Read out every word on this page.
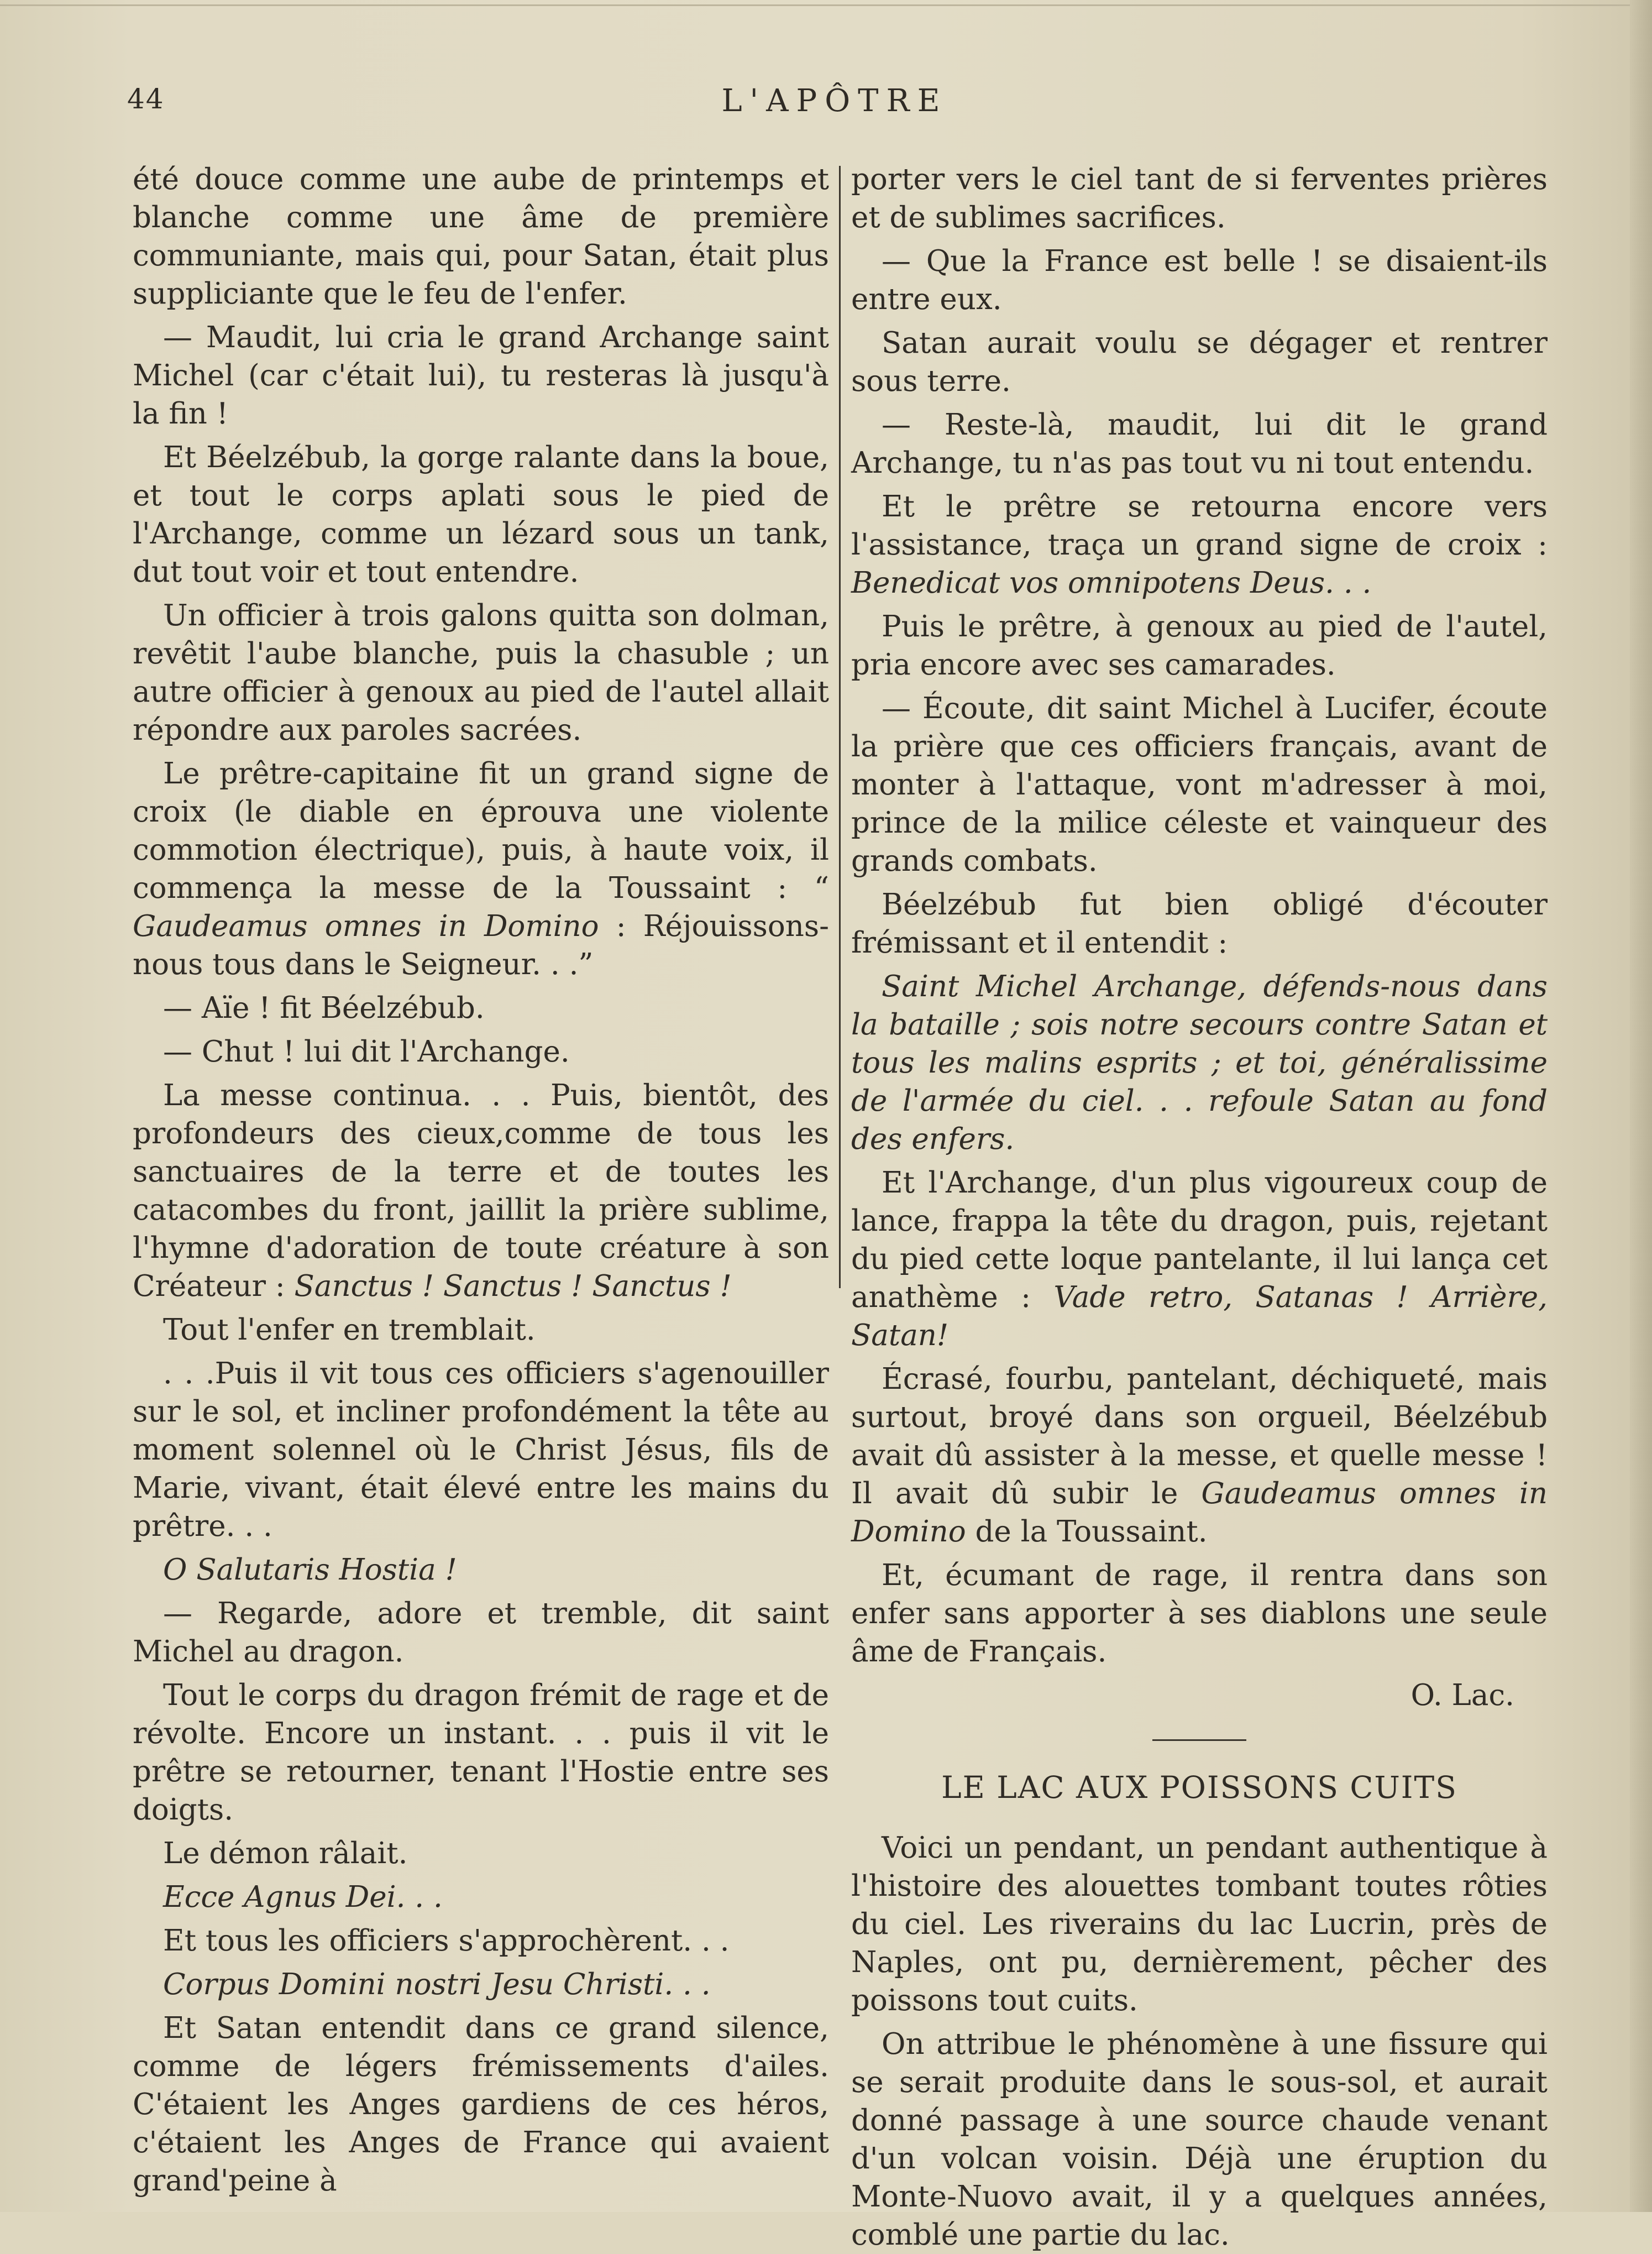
44	L'APÔTRE

été douce comme une aube de printemps et blanche comme une âme de première communiante, mais qui, pour Satan, était plus suppliciante que le feu de l'enfer.

— Maudit, lui cria le grand Archange saint Michel (car c'était lui), tu resteras là jusqu'à la fin !

Et Béelzébub, la gorge ralante dans la boue, et tout le corps aplati sous le pied de l'Archange, comme un lézard sous un tank, dut tout voir et tout entendre.

Un officier à trois galons quitta son dolman, revêtit l'aube blanche, puis la chasuble ; un autre officier à genoux au pied de l'autel allait répondre aux paroles sacrées.

Le prêtre-capitaine fit un grand signe de croix (le diable en éprouva une violente commotion électrique), puis, à haute voix, il commença la messe de la Toussaint : “ Gaudeamus omnes in Domino : Réjouissons-nous tous dans le Seigneur. . .”

— Aïe ! fit Béelzébub.

— Chut ! lui dit l'Archange.

La messe continua. . . Puis, bientôt, des profondeurs des cieux,comme de tous les sanctuaires de la terre et de toutes les catacombes du front, jaillit la prière sublime, l'hymne d'adoration de toute créature à son Créateur : Sanctus ! Sanctus ! Sanctus !

Tout l'enfer en tremblait.

. . .Puis il vit tous ces officiers s'agenouiller sur le sol, et incliner profondément la tête au moment solennel où le Christ Jésus, fils de Marie, vivant, était élevé entre les mains du prêtre. . .

O Salutaris Hostia !

— Regarde, adore et tremble, dit saint Michel au dragon.

Tout le corps du dragon frémit de rage et de révolte. Encore un instant. . . puis il vit le prêtre se retourner, tenant l'Hostie entre ses doigts.

Le démon râlait.

Ecce Agnus Dei. . .

Et tous les officiers s'approchèrent. . .

Corpus Domini nostri Jesu Christi. . .

Et Satan entendit dans ce grand silence, comme de légers frémissements d'ailes. C'étaient les Anges gardiens de ces héros, c'étaient les Anges de France qui avaient grand'peine à

porter vers le ciel tant de si ferventes prières et de sublimes sacrifices.

— Que la France est belle ! se disaient-ils entre eux.

Satan aurait voulu se dégager et rentrer sous terre.

— Reste-là, maudit, lui dit le grand Archange, tu n'as pas tout vu ni tout entendu.

Et le prêtre se retourna encore vers l'assistance, traça un grand signe de croix : Benedicat vos omnipotens Deus. . .

Puis le prêtre, à genoux au pied de l'autel, pria encore avec ses camarades.

— Écoute, dit saint Michel à Lucifer, écoute la prière que ces officiers français, avant de monter à l'attaque, vont m'adresser à moi, prince de la milice céleste et vainqueur des grands combats.

Béelzébub fut bien obligé d'écouter frémissant et il entendit :

Saint Michel Archange, défends-nous dans la bataille ; sois notre secours contre Satan et tous les malins esprits ; et toi, généralissime de l'armée du ciel. . . refoule Satan au fond des enfers.

Et l'Archange, d'un plus vigoureux coup de lance, frappa la tête du dragon, puis, rejetant du pied cette loque pantelante, il lui lança cet anathème : Vade retro, Satanas ! Arrière, Satan!

Écrasé, fourbu, pantelant, déchiqueté, mais surtout, broyé dans son orgueil, Béelzébub avait dû assister à la messe, et quelle messe ! Il avait dû subir le Gaudeamus omnes in Domino de la Toussaint.

Et, écumant de rage, il rentra dans son enfer sans apporter à ses diablons une seule âme de Français.

O. Lac.

LE LAC AUX POISSONS CUITS

Voici un pendant, un pendant authentique à l'histoire des alouettes tombant toutes rôties du ciel. Les riverains du lac Lucrin, près de Naples, ont pu, dernièrement, pêcher des poissons tout cuits.

On attribue le phénomène à une fissure qui se serait produite dans le sous-sol, et aurait donné passage à une source chaude venant d'un volcan voisin. Déjà une éruption du Monte-Nuovo avait, il y a quelques années, comblé une partie du lac.
